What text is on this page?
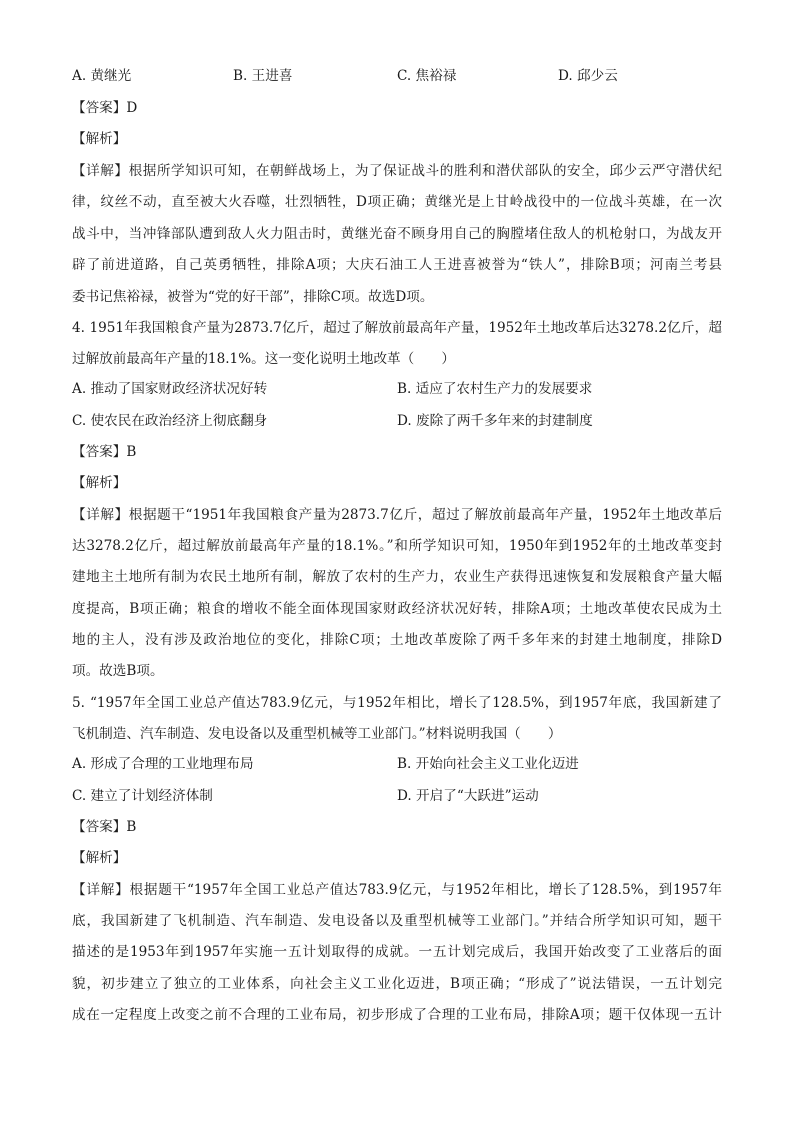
A. 黄继光	B. 王进喜	C. 焦裕禄	D. 邱少云
【答案】D
【解析】
【详解】根据所学知识可知，在朝鲜战场上，为了保证战斗的胜利和潜伏部队的安全，邱少云严守潜伏纪
律，纹丝不动，直至被大火吞噬，壮烈牺牲，D项正确；黄继光是上甘岭战役中的一位战斗英雄，在一次
战斗中，当冲锋部队遭到敌人火力阻击时，黄继光奋不顾身用自己的胸膛堵住敌人的机枪射口，为战友开
辟了前进道路，自己英勇牺牲，排除A项；大庆石油工人王进喜被誉为“铁人”，排除B项；河南兰考县
委书记焦裕禄，被誉为“党的好干部”，排除C项。故选D项。
4. 1951年我国粮食产量为2873.7亿斤，超过了解放前最高年产量，1952年土地改革后达3278.2亿斤，超
过解放前最高年产量的18.1%。这一变化说明土地改革（　　）
A. 推动了国家财政经济状况好转	B. 适应了农村生产力的发展要求
C. 使农民在政治经济上彻底翻身	D. 废除了两千多年来的封建制度
【答案】B
【解析】
【详解】根据题干“1951年我国粮食产量为2873.7亿斤，超过了解放前最高年产量，1952年土地改革后
达3278.2亿斤，超过解放前最高年产量的18.1%。”和所学知识可知，1950年到1952年的土地改革变封
建地主土地所有制为农民土地所有制，解放了农村的生产力，农业生产获得迅速恢复和发展粮食产量大幅
度提高，B项正确；粮食的增收不能全面体现国家财政经济状况好转，排除A项；土地改革使农民成为土
地的主人，没有涉及政治地位的变化，排除C项；土地改革废除了两千多年来的封建土地制度，排除D
项。故选B项。
5. “1957年全国工业总产值达783.9亿元，与1952年相比，增长了128.5%，到1957年底，我国新建了
飞机制造、汽车制造、发电设备以及重型机械等工业部门。”材料说明我国（　　）
A. 形成了合理的工业地理布局	B. 开始向社会主义工业化迈进
C. 建立了计划经济体制	D. 开启了“大跃进”运动
【答案】B
【解析】
【详解】根据题干“1957年全国工业总产值达783.9亿元，与1952年相比，增长了128.5%，到1957年
底，我国新建了飞机制造、汽车制造、发电设备以及重型机械等工业部门。”并结合所学知识可知，题干
描述的是1953年到1957年实施一五计划取得的成就。一五计划完成后，我国开始改变了工业落后的面
貌，初步建立了独立的工业体系，向社会主义工业化迈进，B项正确；“形成了”说法错误，一五计划完
成在一定程度上改变之前不合理的工业布局，初步形成了合理的工业布局，排除A项；题干仅体现一五计
